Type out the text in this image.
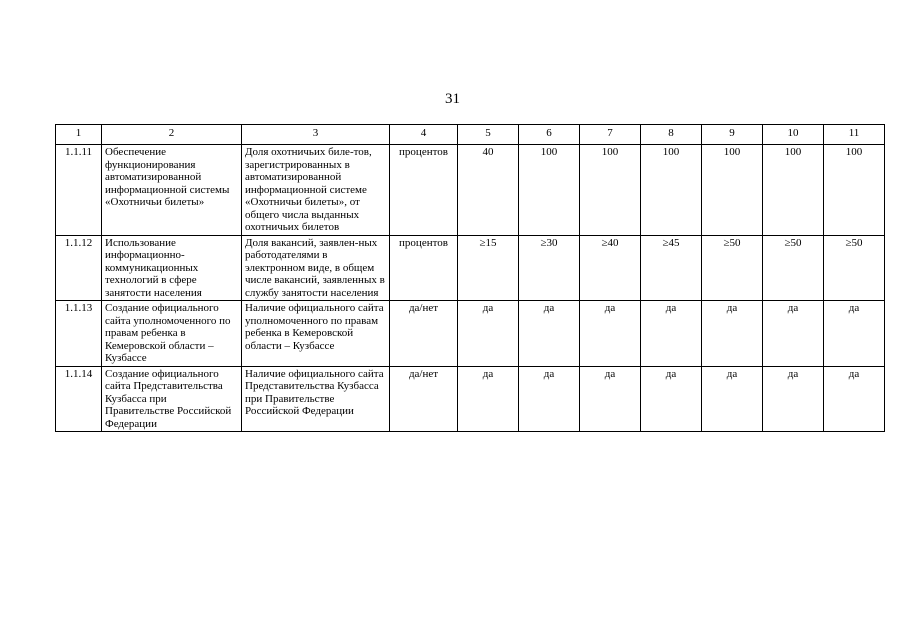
31
1	2	3	4	5	6	7	8	9	10	11
1.1.11	Обеспечение функционирования автоматизированной информационной системы «Охотничьи билеты»	Доля охотничьих биле-тов, зарегистрированных в автоматизированной информационной системе «Охотничьи билеты», от общего числа выданных охотничьих билетов	процентов	40	100	100	100	100	100	100
1.1.12	Использование информационно-коммуникационных технологий в сфере занятости населения	Доля вакансий, заявлен-ных работодателями в электронном виде, в общем числе вакансий, заявленных в службу занятости населения	процентов	≥15	≥30	≥40	≥45	≥50	≥50	≥50
1.1.13	Создание официального сайта уполномоченного по правам ребенка в Кемеровской области – Кузбассе	Наличие официального сайта уполномоченного по правам ребенка в Кемеровской области – Кузбассе	да/нет	да	да	да	да	да	да	да
1.1.14	Создание официального сайта Представительства Кузбасса при Правительстве Российской Федерации	Наличие официального сайта Представительства Кузбасса при Правительстве Российской Федерации	да/нет	да	да	да	да	да	да	да
